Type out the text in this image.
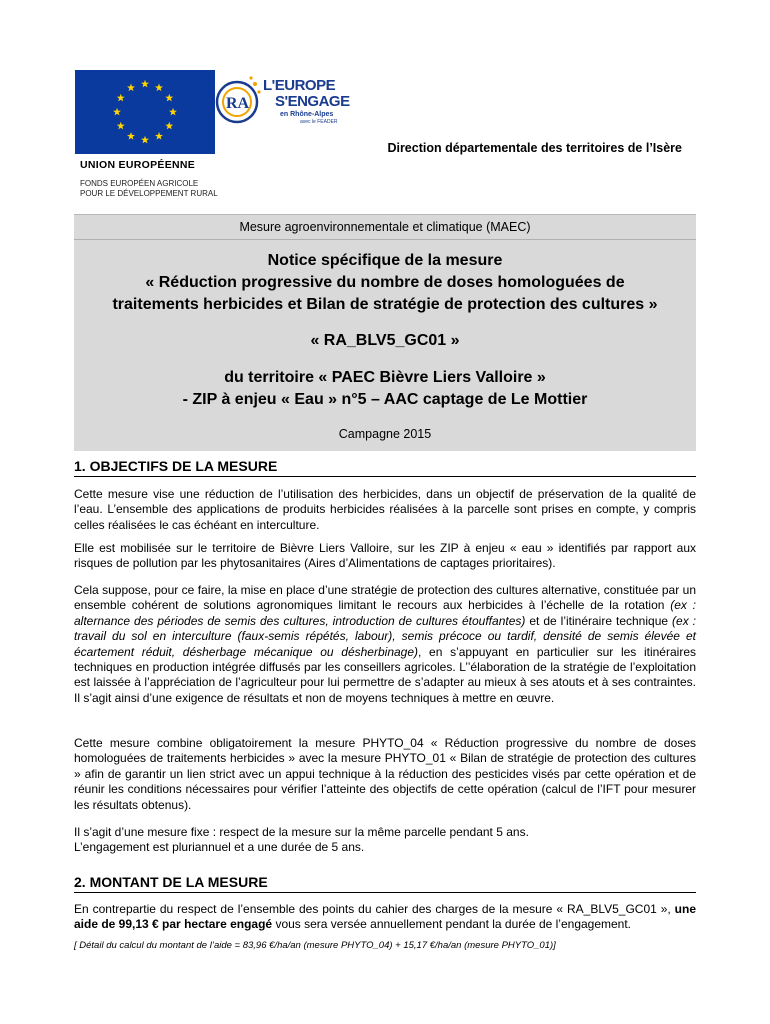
UNION EUROPÉENNE
FONDS EUROPÉEN AGRICOLE
POUR LE DÉVELOPPEMENT RURAL
RA
L'EUROPE
S'ENGAGE
en Rhône-Alpes
avec le FEADER
Direction départementale des territoires de l’Isère
Mesure agroenvironnementale et climatique (MAEC)
Notice spécifique de la mesure
« Réduction progressive du nombre de doses homologuées de
traitements herbicides et Bilan de stratégie de protection des cultures »
« RA_BLV5_GC01 »
du territoire « PAEC Bièvre Liers Valloire »
- ZIP à enjeu « Eau » n°5 – AAC captage de Le Mottier
Campagne 2015
1. OBJECTIFS DE LA MESURE

Cette mesure vise une réduction de l’utilisation des herbicides, dans un objectif de préservation de la qualité de l’eau. L’ensemble des applications de produits herbicides réalisées à la parcelle sont prises en compte, y compris celles réalisées le cas échéant en interculture.

Elle est mobilisée sur le territoire de Bièvre Liers Valloire, sur les ZIP à enjeu « eau » identifiés par rapport aux risques de pollution par les phytosanitaires (Aires d’Alimentations de captages prioritaires).

Cela suppose, pour ce faire, la mise en place d’une stratégie de protection des cultures alternative, constituée par un ensemble cohérent de solutions agronomiques limitant le recours aux herbicides à l’échelle de la rotation (ex : alternance des périodes de semis des cultures, introduction de cultures étouffantes) et de l’itinéraire technique (ex : travail du sol en interculture (faux-semis répétés, labour), semis précoce ou tardif, densité de semis élevée et écartement réduit, désherbage mécanique ou désherbinage), en s’appuyant en particulier sur les itinéraires techniques en production intégrée diffusés par les conseillers agricoles. L’’élaboration de la stratégie de l’exploitation est laissée à l’appréciation de l’agriculteur pour lui permettre de s’adapter au mieux à ses atouts et à ses contraintes. Il s’agit ainsi d’une exigence de résultats et non de moyens techniques à mettre en œuvre.

Cette mesure combine obligatoirement la mesure PHYTO_04 « Réduction progressive du nombre de doses homologuées de traitements herbicides » avec la mesure PHYTO_01 « Bilan de stratégie de protection des cultures » afin de garantir un lien strict avec un appui technique à la réduction des pesticides visés par cette opération et de réunir les conditions nécessaires pour vérifier l’atteinte des objectifs de cette opération (calcul de l’IFT pour mesurer les résultats obtenus).

Il s’agit d’une mesure fixe : respect de la mesure sur la même parcelle pendant 5 ans.
L’engagement est pluriannuel et a une durée de 5 ans.
2. MONTANT DE LA MESURE

En contrepartie du respect de l’ensemble des points du cahier des charges de la mesure « RA_BLV5_GC01 », une aide de 99,13 € par hectare engagé vous sera versée annuellement pendant la durée de l’engagement.

[ Détail du calcul du montant de l’aide = 83,96 €/ha/an (mesure PHYTO_04) + 15,17 €/ha/an (mesure PHYTO_01)]
